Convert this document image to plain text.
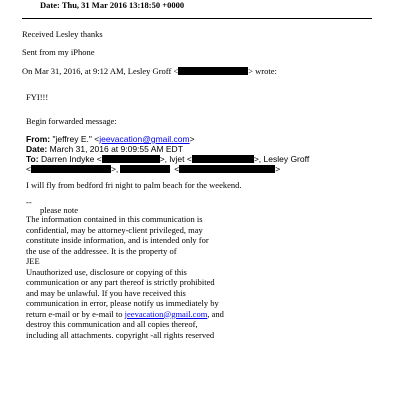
Date: Thu, 31 Mar 2016 13:18:50 +0000
Received Lesley thanks
Sent from my iPhone
On Mar 31, 2016, at 9:12 AM, Lesley Groff <	> wrote:
FYI!!!
Begin forwarded message:
From: "jeffrey E." <jeevacation@gmail.com>
Date: March 31, 2016 at 9:09:55 AM EDT
To: Darren Indyke <	>, lvjet <	>, Lesley Groff
<	>,	<	>
I will fly from bedford fri night to palm beach for the weekend.
--
please note
The information contained in this communication is
confidential, may be attorney-client privileged, may
constitute inside information, and is intended only for
the use of the addressee. It is the property of
JEE
Unauthorized use, disclosure or copying of this
communication or any part thereof is strictly prohibited
and may be unlawful. If you have received this
communication in error, please notify us immediately by
return e-mail or by e-mail to jeevacation@gmail.com, and
destroy this communication and all copies thereof,
including all attachments. copyright -all rights reserved
